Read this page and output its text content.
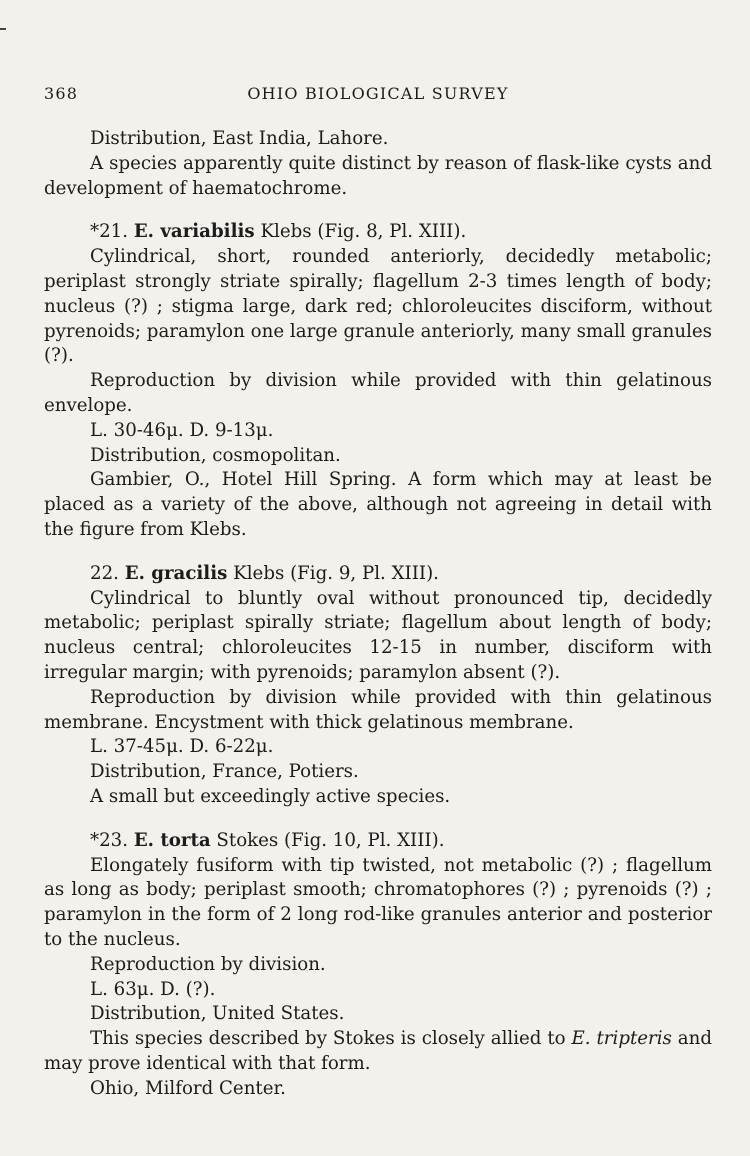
368	OHIO BIOLOGICAL SURVEY

Distribution, East India, Lahore.

A species apparently quite distinct by reason of flask-like cysts and development of haematochrome.

*21. E. variabilis Klebs (Fig. 8, Pl. XIII).

Cylindrical, short, rounded anteriorly, decidedly metabolic; periplast strongly striate spirally; flagellum 2-3 times length of body; nucleus (?) ; stigma large, dark red; chloroleucites disciform, without pyrenoids; paramylon one large granule anteriorly, many small granules (?).

Reproduction by division while provided with thin gelatinous envelope.

L. 30-46μ. D. 9-13μ.

Distribution, cosmopolitan.

Gambier, O., Hotel Hill Spring. A form which may at least be placed as a variety of the above, although not agreeing in detail with the figure from Klebs.

22. E. gracilis Klebs (Fig. 9, Pl. XIII).

Cylindrical to bluntly oval without pronounced tip, decidedly metabolic; periplast spirally striate; flagellum about length of body; nucleus central; chloroleucites 12-15 in number, disciform with irregular margin; with pyrenoids; paramylon absent (?).

Reproduction by division while provided with thin gelatinous membrane. Encystment with thick gelatinous membrane.

L. 37-45μ. D. 6-22μ.

Distribution, France, Potiers.

A small but exceedingly active species.

*23. E. torta Stokes (Fig. 10, Pl. XIII).

Elongately fusiform with tip twisted, not metabolic (?) ; flagellum as long as body; periplast smooth; chromatophores (?) ; pyrenoids (?) ; paramylon in the form of 2 long rod-like granules anterior and posterior to the nucleus.

Reproduction by division.

L. 63μ. D. (?).

Distribution, United States.

This species described by Stokes is closely allied to E. tripteris and may prove identical with that form.

Ohio, Milford Center.
